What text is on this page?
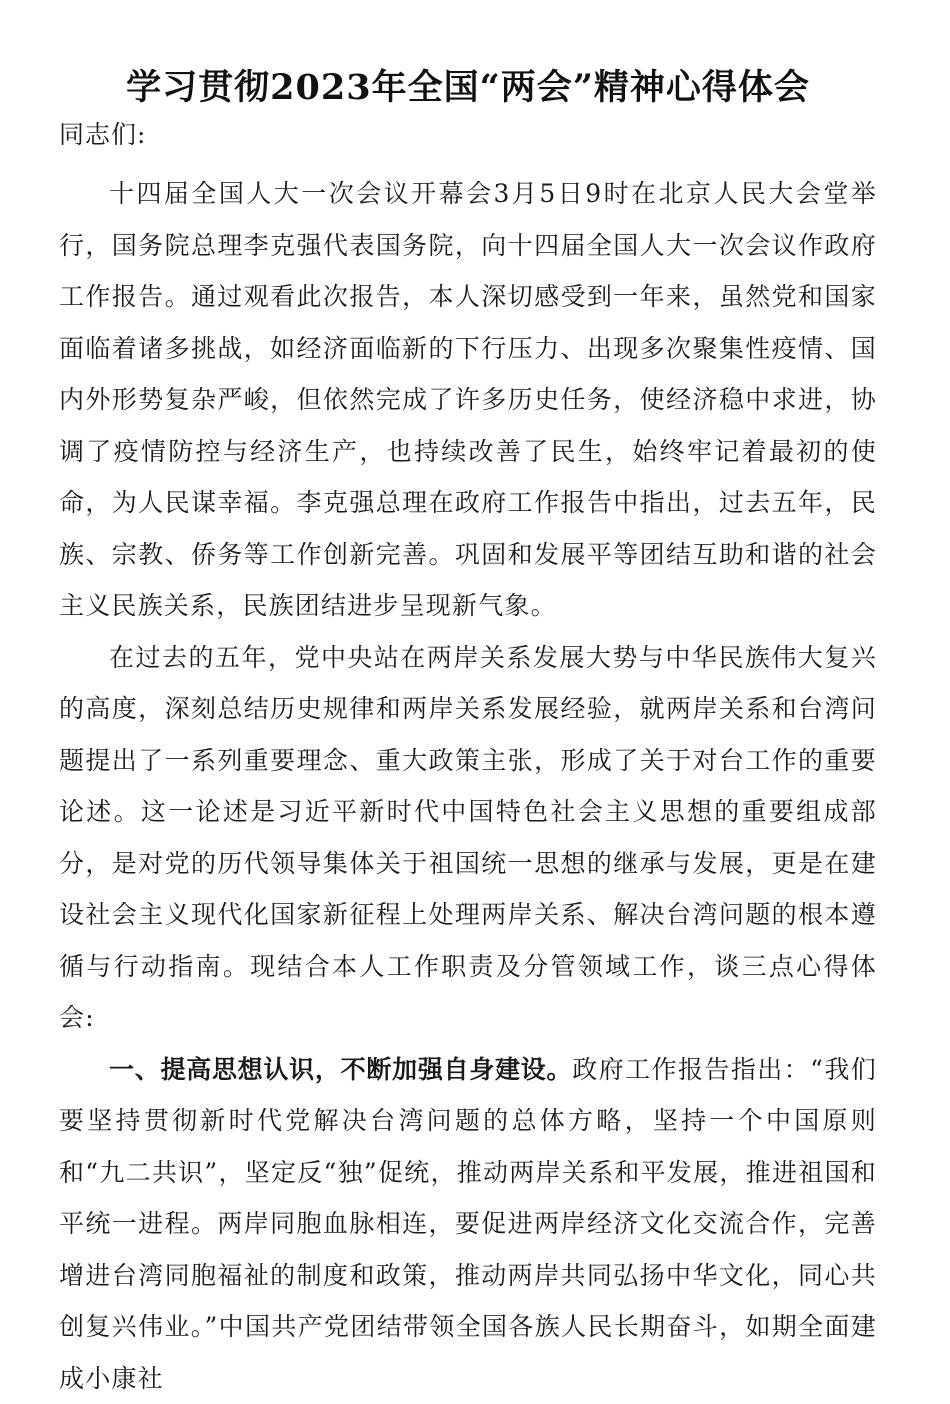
学习贯彻2023年全国“两会”精神心得体会

同志们:

十四届全国人大一次会议开幕会3月5日9时在北京人民大会堂举行，国务院总理李克强代表国务院，向十四届全国人大一次会议作政府工作报告。通过观看此次报告，本人深切感受到一年来，虽然党和国家面临着诸多挑战，如经济面临新的下行压力、出现多次聚集性疫情、国内外形势复杂严峻，但依然完成了许多历史任务，使经济稳中求进，协调了疫情防控与经济生产，也持续改善了民生，始终牢记着最初的使命，为人民谋幸福。李克强总理在政府工作报告中指出，过去五年，民族、宗教、侨务等工作创新完善。巩固和发展平等团结互助和谐的社会主义民族关系，民族团结进步呈现新气象。

在过去的五年，党中央站在两岸关系发展大势与中华民族伟大复兴的高度，深刻总结历史规律和两岸关系发展经验，就两岸关系和台湾问题提出了一系列重要理念、重大政策主张，形成了关于对台工作的重要论述。这一论述是习近平新时代中国特色社会主义思想的重要组成部分，是对党的历代领导集体关于祖国统一思想的继承与发展，更是在建设社会主义现代化国家新征程上处理两岸关系、解决台湾问题的根本遵循与行动指南。现结合本人工作职责及分管领域工作，谈三点心得体会:

一、提高思想认识，不断加强自身建设。政府工作报告指出：“我们要坚持贯彻新时代党解决台湾问题的总体方略，坚持一个中国原则和“九二共识”，坚定反“独”促统，推动两岸关系和平发展，推进祖国和平统一进程。两岸同胞血脉相连，要促进两岸经济文化交流合作，完善增进台湾同胞福祉的制度和政策，推动两岸共同弘扬中华文化，同心共创复兴伟业。”中国共产党团结带领全国各族人民长期奋斗，如期全面建成小康社
